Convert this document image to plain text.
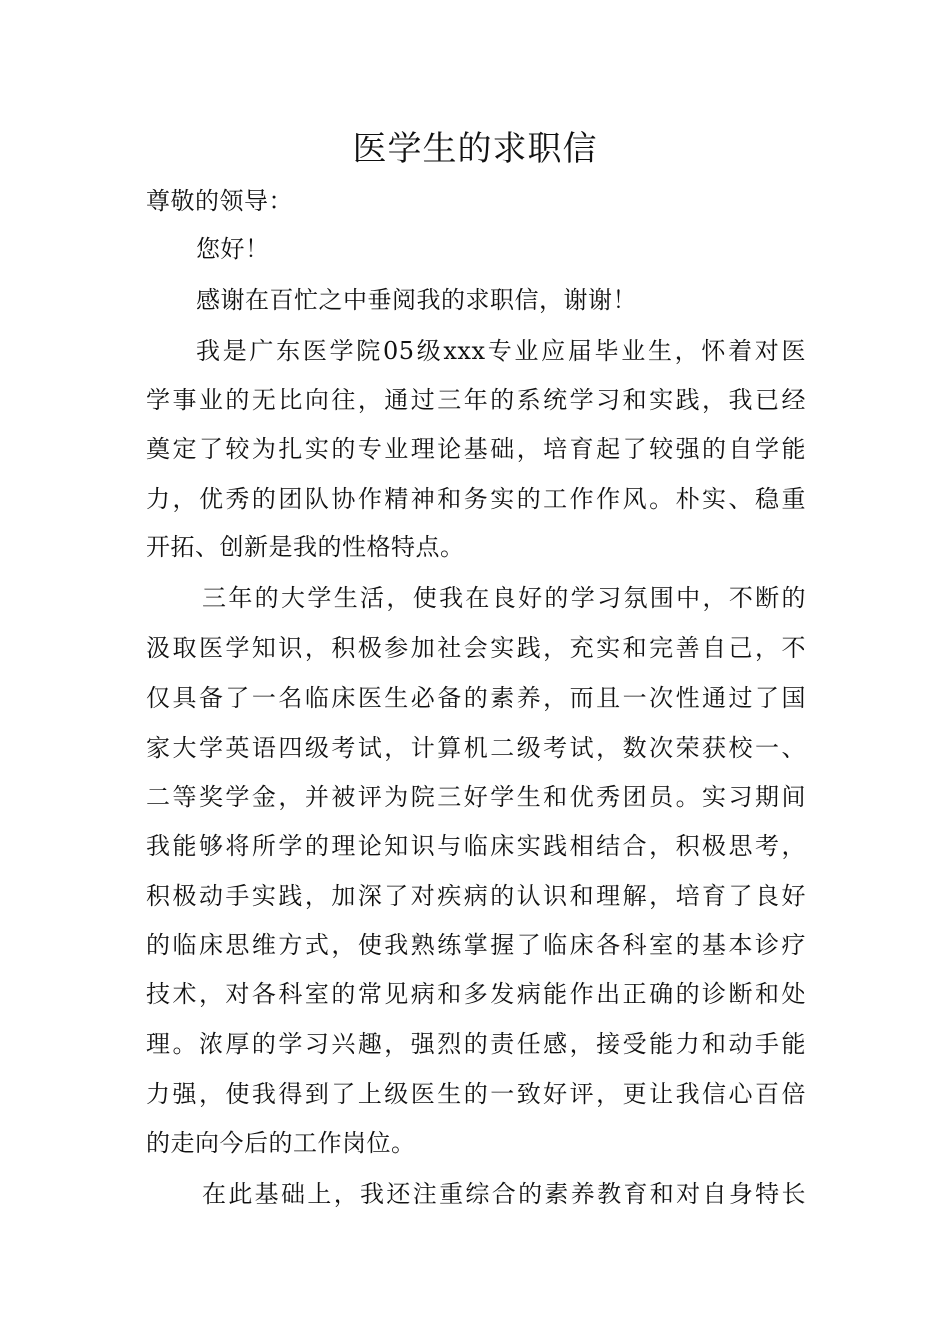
医学生的求职信
尊敬的领导：
您好！
感谢在百忙之中垂阅我的求职信，谢谢！
我是广东医学院05级xxx专业应届毕业生，怀着对医
学事业的无比向往，通过三年的系统学习和实践，我已经
奠定了较为扎实的专业理论基础，培育起了较强的自学能
力，优秀的团队协作精神和务实的工作作风。朴实、稳重
开拓、创新是我的性格特点。
三年的大学生活，使我在良好的学习氛围中，不断的
汲取医学知识，积极参加社会实践，充实和完善自己，不
仅具备了一名临床医生必备的素养，而且一次性通过了国
家大学英语四级考试，计算机二级考试，数次荣获校一、
二等奖学金，并被评为院三好学生和优秀团员。实习期间
我能够将所学的理论知识与临床实践相结合，积极思考，
积极动手实践，加深了对疾病的认识和理解，培育了良好
的临床思维方式，使我熟练掌握了临床各科室的基本诊疗
技术，对各科室的常见病和多发病能作出正确的诊断和处
理。浓厚的学习兴趣，强烈的责任感，接受能力和动手能
力强，使我得到了上级医生的一致好评，更让我信心百倍
的走向今后的工作岗位。
在此基础上，我还注重综合的素养教育和对自身特长
